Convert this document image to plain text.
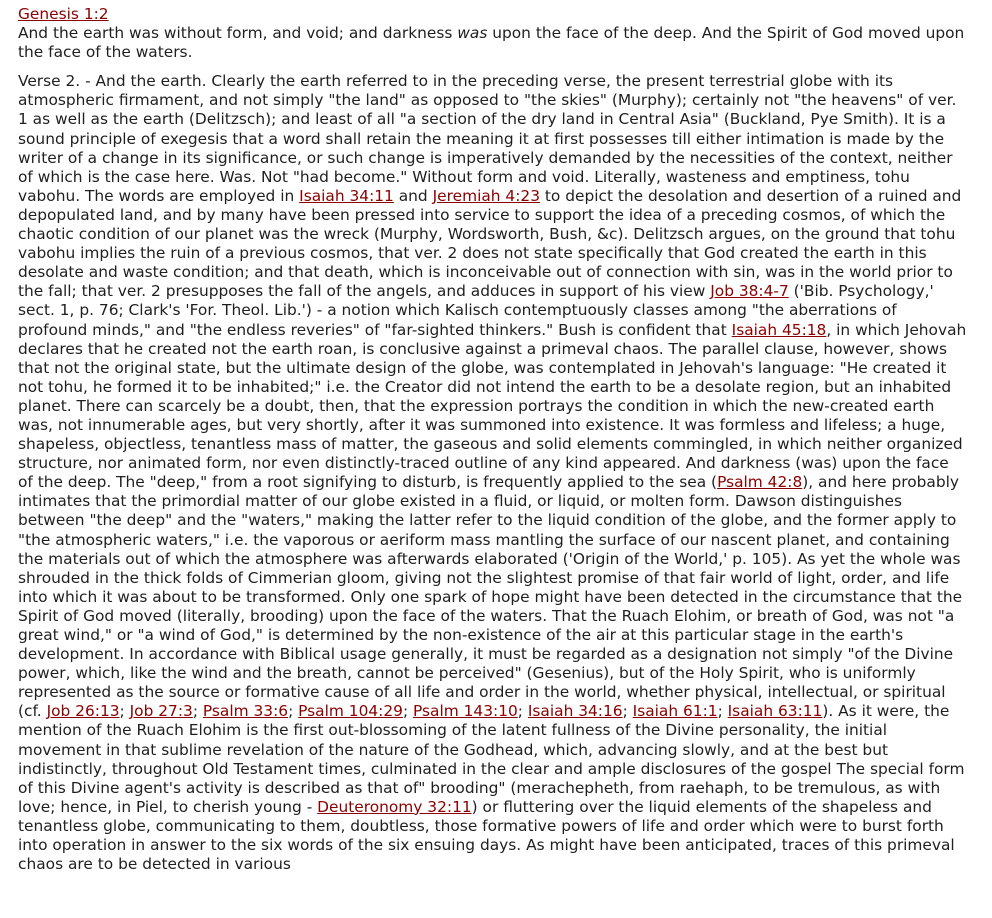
Genesis 1:2

And the earth was without form, and void; and darkness was upon the face of the deep. And the Spirit of God moved upon the face of the waters.

Verse 2. - And the earth. Clearly the earth referred to in the preceding verse, the present terrestrial globe with its atmospheric firmament, and not simply "the land" as opposed to "the skies" (Murphy); certainly not "the heavens" of ver. 1 as well as the earth (Delitzsch); and least of all "a section of the dry land in Central Asia" (Buckland, Pye Smith). It is a sound principle of exegesis that a word shall retain the meaning it at first possesses till either intimation is made by the writer of a change in its significance, or such change is imperatively demanded by the necessities of the context, neither of which is the case here. Was. Not "had become." Without form and void. Literally, wasteness and emptiness, tohu vabohu. The words are employed in Isaiah 34:11 and Jeremiah 4:23 to depict the desolation and desertion of a ruined and depopulated land, and by many have been pressed into service to support the idea of a preceding cosmos, of which the chaotic condition of our planet was the wreck (Murphy, Wordsworth, Bush, &c). Delitzsch argues, on the ground that tohu vabohu implies the ruin of a previous cosmos, that ver. 2 does not state specifically that God created the earth in this desolate and waste condition; and that death, which is inconceivable out of connection with sin, was in the world prior to the fall; that ver. 2 presupposes the fall of the angels, and adduces in support of his view Job 38:4-7 ('Bib. Psychology,' sect. 1, p. 76; Clark's 'For. Theol. Lib.') - a notion which Kalisch contemptuously classes among "the aberrations of profound minds," and "the endless reveries" of "far-sighted thinkers." Bush is confident that Isaiah 45:18, in which Jehovah declares that he created not the earth roan, is conclusive against a primeval chaos. The parallel clause, however, shows that not the original state, but the ultimate design of the globe, was contemplated in Jehovah's language: "He created it not tohu, he formed it to be inhabited;" i.e. the Creator did not intend the earth to be a desolate region, but an inhabited planet. There can scarcely be a doubt, then, that the expression portrays the condition in which the new-created earth was, not innumerable ages, but very shortly, after it was summoned into existence. It was formless and lifeless; a huge, shapeless, objectless, tenantless mass of matter, the gaseous and solid elements commingled, in which neither organized structure, nor animated form, nor even distinctly-traced outline of any kind appeared. And darkness (was) upon the face of the deep. The "deep," from a root signifying to disturb, is frequently applied to the sea (Psalm 42:8), and here probably intimates that the primordial matter of our globe existed in a fluid, or liquid, or molten form. Dawson distinguishes between "the deep" and the "waters," making the latter refer to the liquid condition of the globe, and the former apply to "the atmospheric waters," i.e. the vaporous or aeriform mass mantling the surface of our nascent planet, and containing the materials out of which the atmosphere was afterwards elaborated ('Origin of the World,' p. 105). As yet the whole was shrouded in the thick folds of Cimmerian gloom, giving not the slightest promise of that fair world of light, order, and life into which it was about to be transformed. Only one spark of hope might have been detected in the circumstance that the Spirit of God moved (literally, brooding) upon the face of the waters. That the Ruach Elohim, or breath of God, was not "a great wind," or "a wind of God," is determined by the non-existence of the air at this particular stage in the earth's development. In accordance with Biblical usage generally, it must be regarded as a designation not simply "of the Divine power, which, like the wind and the breath, cannot be perceived" (Gesenius), but of the Holy Spirit, who is uniformly represented as the source or formative cause of all life and order in the world, whether physical, intellectual, or spiritual (cf. Job 26:13; Job 27:3; Psalm 33:6; Psalm 104:29; Psalm 143:10; Isaiah 34:16; Isaiah 61:1; Isaiah 63:11). As it were, the mention of the Ruach Elohim is the first out-blossoming of the latent fullness of the Divine personality, the initial movement in that sublime revelation of the nature of the Godhead, which, advancing slowly, and at the best but indistinctly, throughout Old Testament times, culminated in the clear and ample disclosures of the gospel The special form of this Divine agent's activity is described as that of" brooding" (merachepheth, from raehaph, to be tremulous, as with love; hence, in Piel, to cherish young - Deuteronomy 32:11) or fluttering over the liquid elements of the shapeless and tenantless globe, communicating to them, doubtless, those formative powers of life and order which were to burst forth into operation in answer to the six words of the six ensuing days. As might have been anticipated, traces of this primeval chaos are to be detected in various
